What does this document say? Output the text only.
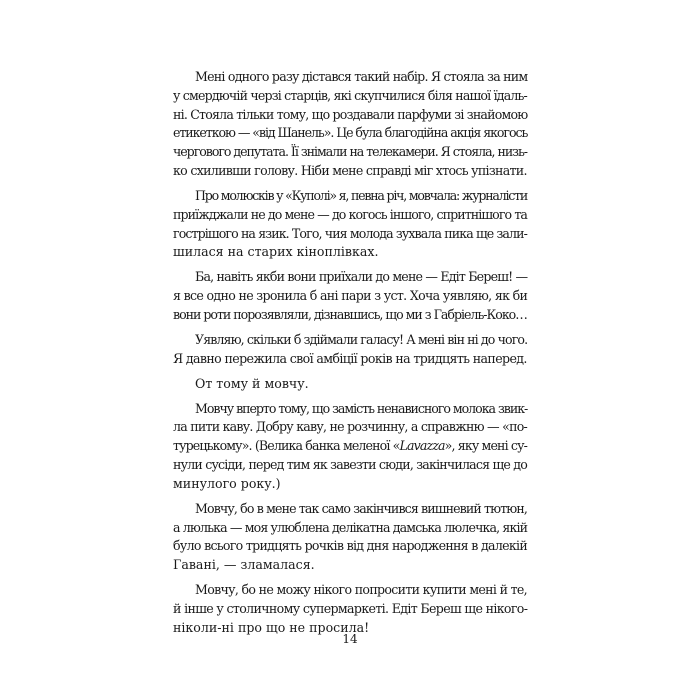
Мені одного разу дістався такий набір. Я стояла за ним
у смердючій черзі старців, які скупчилися біля нашої їдаль-
ні. Стояла тільки тому, що роздавали парфуми зі знайомою
етикеткою — «від Шанель». Це була благодійна акція якогось
чергового депутата. Її знімали на телекамери. Я стояла, низь-
ко схиливши голову. Ніби мене справді міг хтось упізнати.
Про молюсків у «Куполі» я, певна річ, мовчала: журналісти
приїжджали не до мене — до когось іншого, спритнішого та
гострішого на язик. Того, чия молода зухвала пика ще зали-
шилася на старих кіноплівках.
Ба, навіть якби вони приїхали до мене — Едіт Береш! —
я все одно не зронила б ані пари з уст. Хоча уявляю, як би
вони роти порозявляли, дізнавшись, що ми з Габріель-Коко…
Уявляю, скільки б здіймали галасу! А мені він ні до чого.
Я давно пережила свої амбіції років на тридцять наперед.
От тому й мовчу.
Мовчу вперто тому, що замість ненависного молока звик-
ла пити каву. Добру каву, не розчинну, а справжню — «по-
турецькому». (Велика банка меленої «Lavazza», яку мені су-
нули сусіди, перед тим як завезти сюди, закінчилася ще до
минулого року.)
Мовчу, бо в мене так само закінчився вишневий тютюн,
а люлька — моя улюблена делікатна дамська люлечка, якій
було всього тридцять рочків від дня народження в далекій
Гавані, — зламалася.
Мовчу, бо не можу нікого попросити купити мені й те,
й інше у столичному супермаркеті. Едіт Береш ще нікого-
ніколи-ні про що не просила!
14
